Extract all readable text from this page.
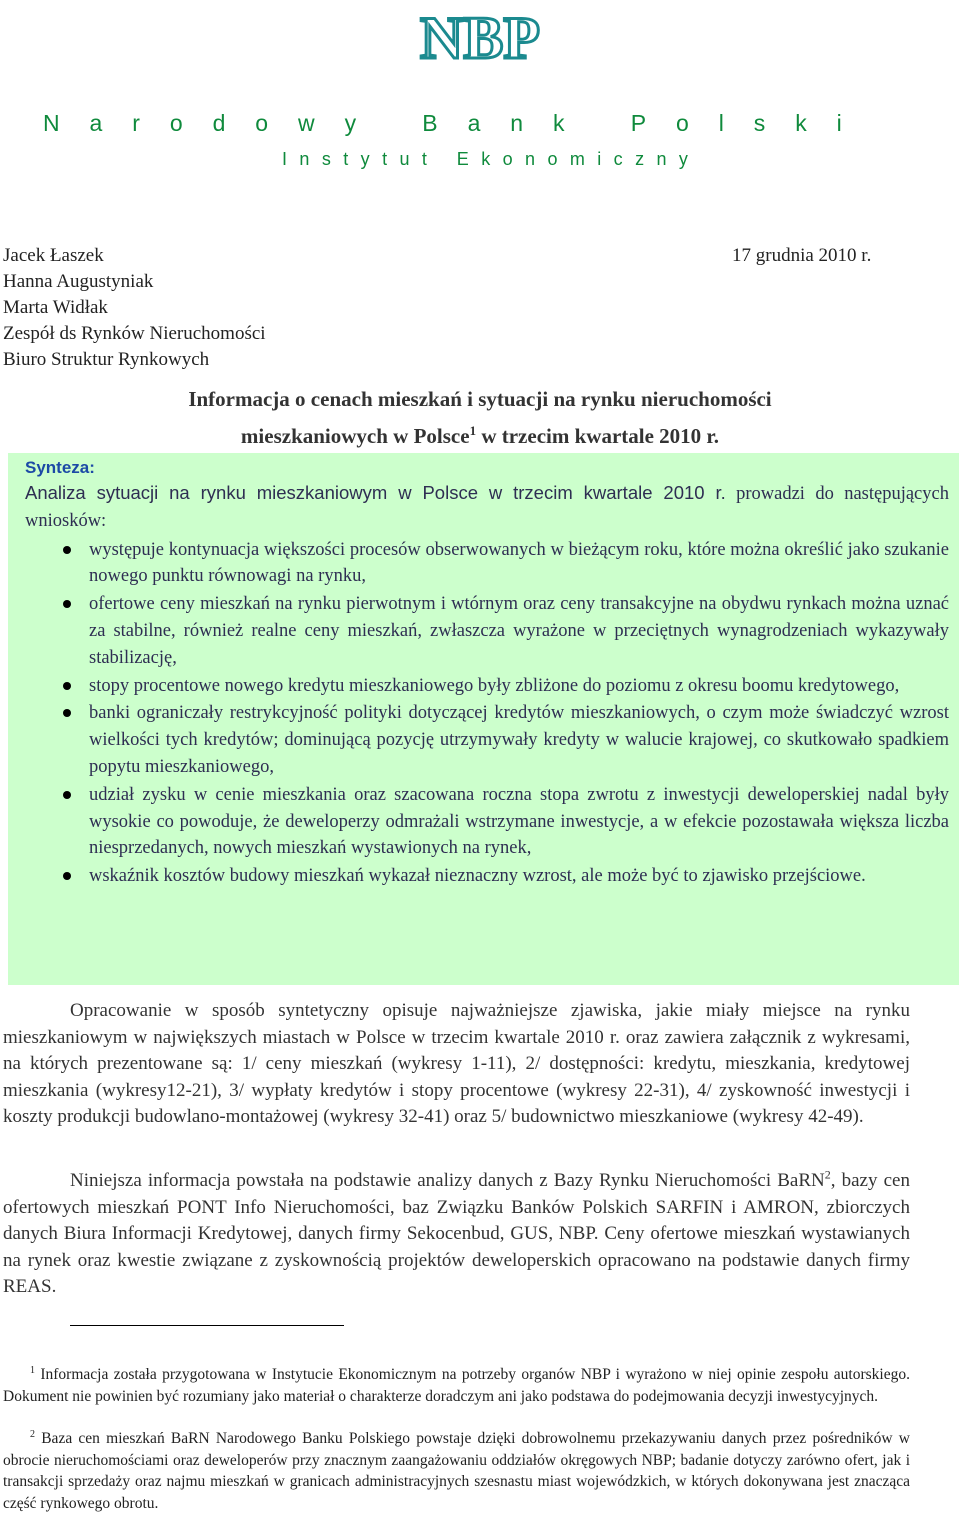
NBP
N a r o d o w y
	B a n k
	P o l s k i
I n s t y t u t
E k o n o m i c z n y
Jacek Łaszek
Hanna Augustyniak
Marta Widłak
Zespół ds Rynków Nieruchomości
Biuro Struktur Rynkowych
17 grudnia 2010 r.
Informacja o cenach mieszkań i sytuacji na rynku nieruchomości
mieszkaniowych w Polsce$^1$ w trzecim kwartale 2010 r.
Synteza:
Analiza sytuacji na rynku mieszkaniowym w Polsce w trzecim kwartale 2010 r. prowadzi do następujących wniosków:
występuje kontynuacja większości procesów obserwowanych w bieżącym roku, które można określić jako szukanie nowego punktu równowagi na rynku,
ofertowe ceny mieszkań na rynku pierwotnym i wtórnym oraz ceny transakcyjne na obydwu rynkach można uznać za stabilne, również realne ceny mieszkań, zwłaszcza wyrażone w przeciętnych wynagrodzeniach wykazywały stabilizację,
stopy procentowe nowego kredytu mieszkaniowego były zbliżone do poziomu z okresu boomu kredytowego,
banki ograniczały restrykcyjność polityki dotyczącej kredytów mieszkaniowych, o czym może świadczyć wzrost wielkości tych kredytów; dominującą pozycję utrzymywały kredyty w walucie krajowej, co skutkowało spadkiem popytu mieszkaniowego,
udział zysku w cenie mieszkania oraz szacowana roczna stopa zwrotu z inwestycji deweloperskiej nadal były wysokie co powoduje, że deweloperzy odmrażali wstrzymane inwestycje, a w efekcie pozostawała większa liczba niesprzedanych, nowych mieszkań wystawionych na rynek,
wskaźnik kosztów budowy mieszkań wykazał nieznaczny wzrost, ale może być to zjawisko przejściowe.
Opracowanie w sposób syntetyczny opisuje najważniejsze zjawiska, jakie miały miejsce na rynku mieszkaniowym w największych miastach w Polsce w trzecim kwartale 2010 r. oraz zawiera załącznik z wykresami, na których prezentowane są: 1/ ceny mieszkań (wykresy 1-11), 2/ dostępności: kredytu, mieszkania, kredytowej mieszkania (wykresy12-21), 3/ wypłaty kredytów i stopy procentowe (wykresy 22-31), 4/ zyskowność inwestycji i koszty produkcji budowlano-montażowej (wykresy 32-41) oraz 5/ budownictwo mieszkaniowe (wykresy 42-49).
Niniejsza informacja powstała na podstawie analizy danych z Bazy Rynku Nieruchomości BaRN$^2$, bazy cen ofertowych mieszkań PONT Info Nieruchomości, baz Związku Banków Polskich SARFIN i AMRON, zbiorczych danych Biura Informacji Kredytowej, danych firmy Sekocenbud, GUS, NBP. Ceny ofertowe mieszkań wystawianych na rynek oraz kwestie związane z zyskownością projektów deweloperskich opracowano na podstawie danych firmy REAS.
$^1$ Informacja została przygotowana w Instytucie Ekonomicznym na potrzeby organów NBP i wyrażono w niej opinie zespołu autorskiego. Dokument nie powinien być rozumiany jako materiał o charakterze doradczym ani jako podstawa do podejmowania decyzji inwestycyjnych.
$^2$ Baza cen mieszkań BaRN Narodowego Banku Polskiego powstaje dzięki dobrowolnemu przekazywaniu danych przez pośredników w obrocie nieruchomościami oraz deweloperów przy znacznym zaangażowaniu oddziałów okręgowych NBP; badanie dotyczy zarówno ofert, jak i transakcji sprzedaży oraz najmu mieszkań w granicach administracyjnych szesnastu miast wojewódzkich, w których dokonywana jest znacząca część rynkowego obrotu.
